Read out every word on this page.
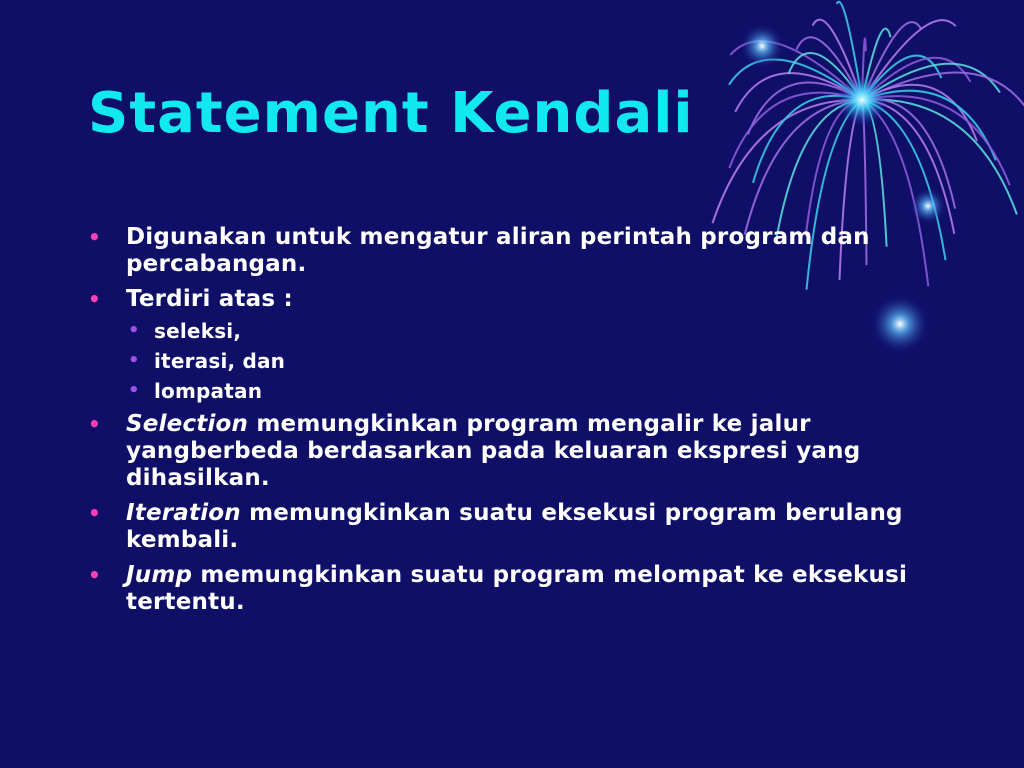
Statement Kendali
• Digunakan untuk mengatur aliran perintah program dan percabangan.
• Terdiri atas :
• seleksi,
• iterasi, dan
• lompatan
• Selection memungkinkan program mengalir ke jalur yangberbeda berdasarkan pada keluaran ekspresi yang dihasilkan.
• Iteration memungkinkan suatu eksekusi program berulang kembali.
• Jump memungkinkan suatu program melompat ke eksekusi tertentu.
